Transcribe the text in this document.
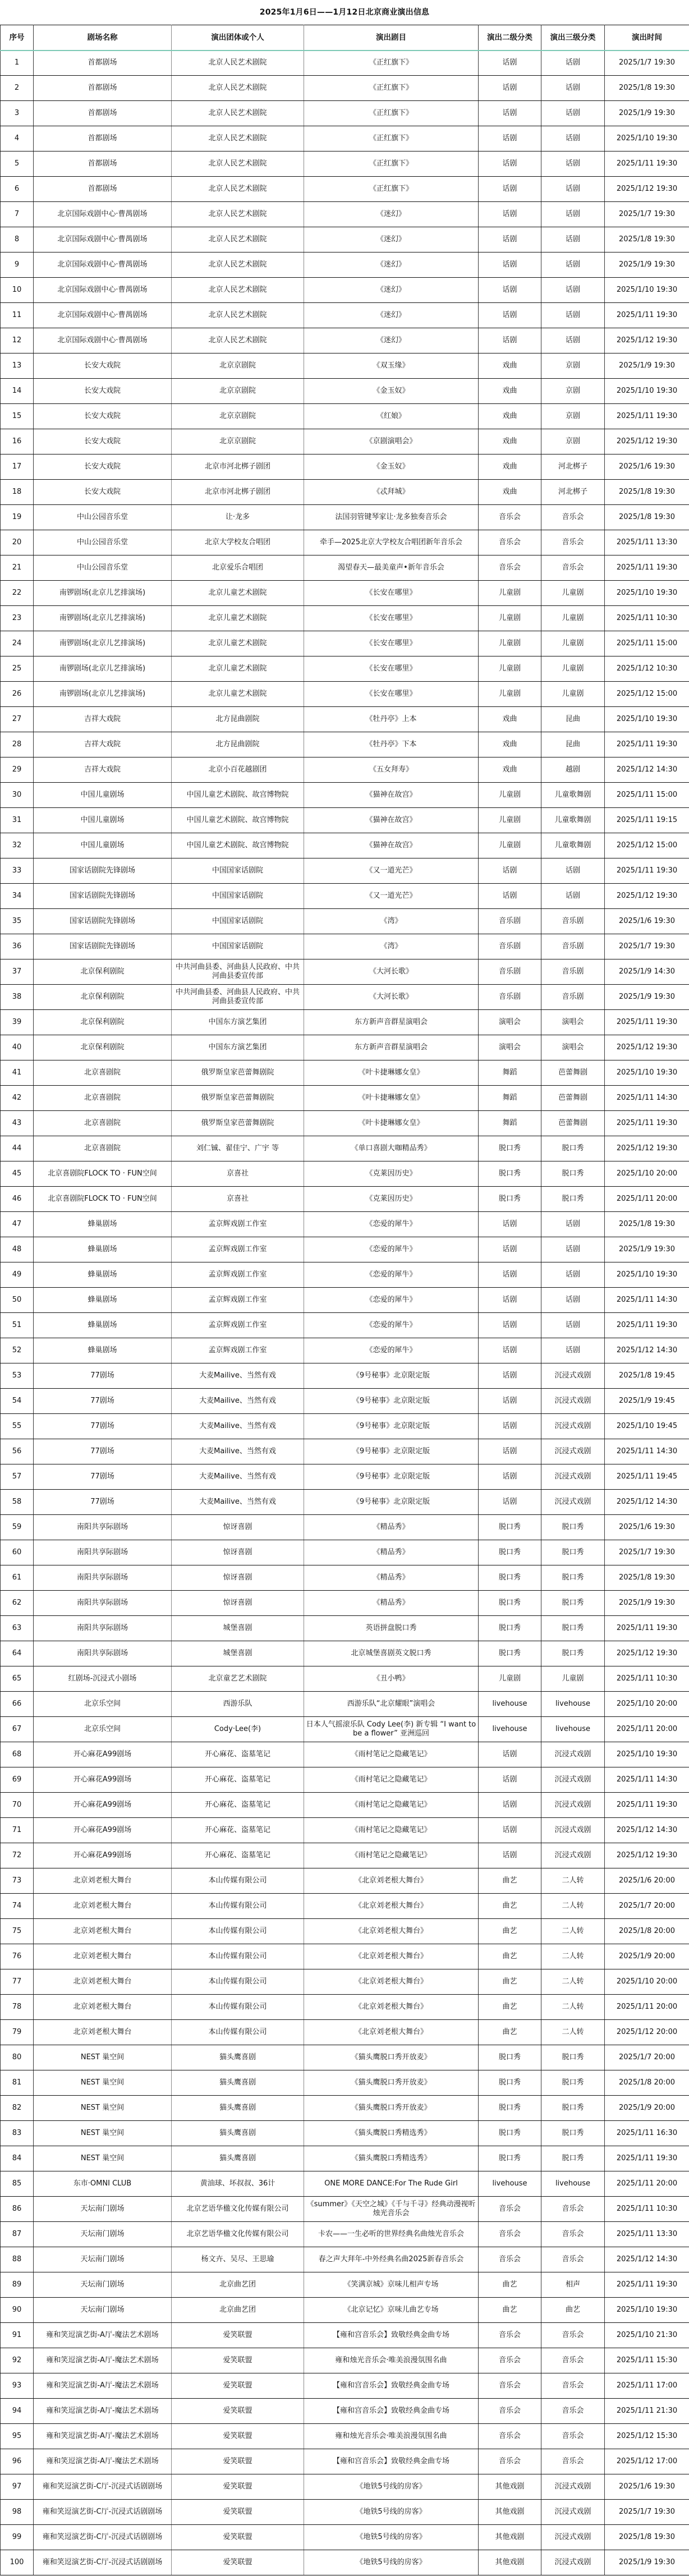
2025年1月6日——1月12日北京商业演出信息
序号	剧场名称	演出团体或个人	演出剧目	演出二级分类	演出三级分类	演出时间
1	首都剧场	北京人民艺术剧院	《正红旗下》	话剧	话剧	2025/1/7 19:30
2	首都剧场	北京人民艺术剧院	《正红旗下》	话剧	话剧	2025/1/8 19:30
3	首都剧场	北京人民艺术剧院	《正红旗下》	话剧	话剧	2025/1/9 19:30
4	首都剧场	北京人民艺术剧院	《正红旗下》	话剧	话剧	2025/1/10 19:30
5	首都剧场	北京人民艺术剧院	《正红旗下》	话剧	话剧	2025/1/11 19:30
6	首都剧场	北京人民艺术剧院	《正红旗下》	话剧	话剧	2025/1/12 19:30
7	北京国际戏剧中心·曹禺剧场	北京人民艺术剧院	《迷幻》	话剧	话剧	2025/1/7 19:30
8	北京国际戏剧中心·曹禺剧场	北京人民艺术剧院	《迷幻》	话剧	话剧	2025/1/8 19:30
9	北京国际戏剧中心·曹禺剧场	北京人民艺术剧院	《迷幻》	话剧	话剧	2025/1/9 19:30
10	北京国际戏剧中心·曹禺剧场	北京人民艺术剧院	《迷幻》	话剧	话剧	2025/1/10 19:30
11	北京国际戏剧中心·曹禺剧场	北京人民艺术剧院	《迷幻》	话剧	话剧	2025/1/11 19:30
12	北京国际戏剧中心·曹禺剧场	北京人民艺术剧院	《迷幻》	话剧	话剧	2025/1/12 19:30
13	长安大戏院	北京京剧院	《双玉缘》	戏曲	京剧	2025/1/9 19:30
14	长安大戏院	北京京剧院	《金玉奴》	戏曲	京剧	2025/1/10 19:30
15	长安大戏院	北京京剧院	《红娘》	戏曲	京剧	2025/1/11 19:30
16	长安大戏院	北京京剧院	《京剧演唱会》	戏曲	京剧	2025/1/12 19:30
17	长安大戏院	北京市河北梆子剧团	《金玉奴》	戏曲	河北梆子	2025/1/6 19:30
18	长安大戏院	北京市河北梆子剧团	《忒拜城》	戏曲	河北梆子	2025/1/8 19:30
19	中山公园音乐堂	让·龙多	法国羽管键琴家让·龙多独奏音乐会	音乐会	音乐会	2025/1/8 19:30
20	中山公园音乐堂	北京大学校友合唱团	牵手—2025北京大学校友合唱团新年音乐会	音乐会	音乐会	2025/1/11 13:30
21	中山公园音乐堂	北京爱乐合唱团	渴望春天—最美童声•新年音乐会	音乐会	音乐会	2025/1/11 19:30
22	南锣剧场(北京儿艺排演场)	北京儿童艺术剧院	《长安在哪里》	儿童剧	儿童剧	2025/1/10 19:30
23	南锣剧场(北京儿艺排演场)	北京儿童艺术剧院	《长安在哪里》	儿童剧	儿童剧	2025/1/11 10:30
24	南锣剧场(北京儿艺排演场)	北京儿童艺术剧院	《长安在哪里》	儿童剧	儿童剧	2025/1/11 15:00
25	南锣剧场(北京儿艺排演场)	北京儿童艺术剧院	《长安在哪里》	儿童剧	儿童剧	2025/1/12 10:30
26	南锣剧场(北京儿艺排演场)	北京儿童艺术剧院	《长安在哪里》	儿童剧	儿童剧	2025/1/12 15:00
27	吉祥大戏院	北方昆曲剧院	《牡丹亭》上本	戏曲	昆曲	2025/1/10 19:30
28	吉祥大戏院	北方昆曲剧院	《牡丹亭》下本	戏曲	昆曲	2025/1/11 19:30
29	吉祥大戏院	北京小百花越剧团	《五女拜寿》	戏曲	越剧	2025/1/12 14:30
30	中国儿童剧场	中国儿童艺术剧院、故宫博物院	《猫神在故宫》	儿童剧	儿童歌舞剧	2025/1/11 15:00
31	中国儿童剧场	中国儿童艺术剧院、故宫博物院	《猫神在故宫》	儿童剧	儿童歌舞剧	2025/1/11 19:15
32	中国儿童剧场	中国儿童艺术剧院、故宫博物院	《猫神在故宫》	儿童剧	儿童歌舞剧	2025/1/12 15:00
33	国家话剧院先锋剧场	中国国家话剧院	《又一道光芒》	话剧	话剧	2025/1/11 19:30
34	国家话剧院先锋剧场	中国国家话剧院	《又一道光芒》	话剧	话剧	2025/1/12 19:30
35	国家话剧院先锋剧场	中国国家话剧院	《湾》	音乐剧	音乐剧	2025/1/6 19:30
36	国家话剧院先锋剧场	中国国家话剧院	《湾》	音乐剧	音乐剧	2025/1/7 19:30
37	北京保利剧院	中共河曲县委、河曲县人民政府、中共河曲县委宣传部	《大河长歌》	音乐剧	音乐剧	2025/1/9 14:30
38	北京保利剧院	中共河曲县委、河曲县人民政府、中共河曲县委宣传部	《大河长歌》	音乐剧	音乐剧	2025/1/9 19:30
39	北京保利剧院	中国东方演艺集团	东方新声音群星演唱会	演唱会	演唱会	2025/1/11 19:30
40	北京保利剧院	中国东方演艺集团	东方新声音群星演唱会	演唱会	演唱会	2025/1/12 19:30
41	北京喜剧院	俄罗斯皇家芭蕾舞剧院	《叶卡捷琳娜女皇》	舞蹈	芭蕾舞剧	2025/1/10 19:30
42	北京喜剧院	俄罗斯皇家芭蕾舞剧院	《叶卡捷琳娜女皇》	舞蹈	芭蕾舞剧	2025/1/11 14:30
43	北京喜剧院	俄罗斯皇家芭蕾舞剧院	《叶卡捷琳娜女皇》	舞蹈	芭蕾舞剧	2025/1/11 19:30
44	北京喜剧院	刘仁铖、翟佳宁、广宇 等	《单口喜剧大咖精品秀》	脱口秀	脱口秀	2025/1/12 19:30
45	北京喜剧院FLOCK TO · FUN空间	京喜社	《克莱因历史》	脱口秀	脱口秀	2025/1/10 20:00
46	北京喜剧院FLOCK TO · FUN空间	京喜社	《克莱因历史》	脱口秀	脱口秀	2025/1/11 20:00
47	蜂巢剧场	孟京辉戏剧工作室	《恋爱的犀牛》	话剧	话剧	2025/1/8 19:30
48	蜂巢剧场	孟京辉戏剧工作室	《恋爱的犀牛》	话剧	话剧	2025/1/9 19:30
49	蜂巢剧场	孟京辉戏剧工作室	《恋爱的犀牛》	话剧	话剧	2025/1/10 19:30
50	蜂巢剧场	孟京辉戏剧工作室	《恋爱的犀牛》	话剧	话剧	2025/1/11 14:30
51	蜂巢剧场	孟京辉戏剧工作室	《恋爱的犀牛》	话剧	话剧	2025/1/11 19:30
52	蜂巢剧场	孟京辉戏剧工作室	《恋爱的犀牛》	话剧	话剧	2025/1/12 14:30
53	77剧场	大麦Mailive、当然有戏	《9号秘事》北京限定版	话剧	沉浸式戏剧	2025/1/8 19:45
54	77剧场	大麦Mailive、当然有戏	《9号秘事》北京限定版	话剧	沉浸式戏剧	2025/1/9 19:45
55	77剧场	大麦Mailive、当然有戏	《9号秘事》北京限定版	话剧	沉浸式戏剧	2025/1/10 19:45
56	77剧场	大麦Mailive、当然有戏	《9号秘事》北京限定版	话剧	沉浸式戏剧	2025/1/11 14:30
57	77剧场	大麦Mailive、当然有戏	《9号秘事》北京限定版	话剧	沉浸式戏剧	2025/1/11 19:45
58	77剧场	大麦Mailive、当然有戏	《9号秘事》北京限定版	话剧	沉浸式戏剧	2025/1/12 14:30
59	南阳共享际剧场	惊讶喜剧	《精品秀》	脱口秀	脱口秀	2025/1/6 19:30
60	南阳共享际剧场	惊讶喜剧	《精品秀》	脱口秀	脱口秀	2025/1/7 19:30
61	南阳共享际剧场	惊讶喜剧	《精品秀》	脱口秀	脱口秀	2025/1/8 19:30
62	南阳共享际剧场	惊讶喜剧	《精品秀》	脱口秀	脱口秀	2025/1/9 19:30
63	南阳共享际剧场	城堡喜剧	英语拼盘脱口秀	脱口秀	脱口秀	2025/1/11 19:30
64	南阳共享际剧场	城堡喜剧	北京城堡喜剧英文脱口秀	脱口秀	脱口秀	2025/1/12 19:30
65	红剧场-沉浸式小剧场	北京童艺艺术剧院	《丑小鸭》	儿童剧	儿童剧	2025/1/11 10:30
66	北京乐空间	西游乐队	西游乐队“北京耀眼”演唱会	livehouse	livehouse	2025/1/10 20:00
67	北京乐空间	Cody·Lee(李)	日本人气摇滚乐队 Cody Lee(李) 新专辑 “I want to be a flower” 亚洲巡回	livehouse	livehouse	2025/1/11 20:00
68	开心麻花A99剧场	开心麻花、盗墓笔记	《雨村笔记之隐藏笔记》	话剧	沉浸式戏剧	2025/1/10 19:30
69	开心麻花A99剧场	开心麻花、盗墓笔记	《雨村笔记之隐藏笔记》	话剧	沉浸式戏剧	2025/1/11 14:30
70	开心麻花A99剧场	开心麻花、盗墓笔记	《雨村笔记之隐藏笔记》	话剧	沉浸式戏剧	2025/1/11 19:30
71	开心麻花A99剧场	开心麻花、盗墓笔记	《雨村笔记之隐藏笔记》	话剧	沉浸式戏剧	2025/1/12 14:30
72	开心麻花A99剧场	开心麻花、盗墓笔记	《雨村笔记之隐藏笔记》	话剧	沉浸式戏剧	2025/1/12 19:30
73	北京刘老根大舞台	本山传媒有限公司	《北京刘老根大舞台》	曲艺	二人转	2025/1/6 20:00
74	北京刘老根大舞台	本山传媒有限公司	《北京刘老根大舞台》	曲艺	二人转	2025/1/7 20:00
75	北京刘老根大舞台	本山传媒有限公司	《北京刘老根大舞台》	曲艺	二人转	2025/1/8 20:00
76	北京刘老根大舞台	本山传媒有限公司	《北京刘老根大舞台》	曲艺	二人转	2025/1/9 20:00
77	北京刘老根大舞台	本山传媒有限公司	《北京刘老根大舞台》	曲艺	二人转	2025/1/10 20:00
78	北京刘老根大舞台	本山传媒有限公司	《北京刘老根大舞台》	曲艺	二人转	2025/1/11 20:00
79	北京刘老根大舞台	本山传媒有限公司	《北京刘老根大舞台》	曲艺	二人转	2025/1/12 20:00
80	NEST 巢空间	猫头鹰喜剧	《猫头鹰脱口秀开放麦》	脱口秀	脱口秀	2025/1/7 20:00
81	NEST 巢空间	猫头鹰喜剧	《猫头鹰脱口秀开放麦》	脱口秀	脱口秀	2025/1/8 20:00
82	NEST 巢空间	猫头鹰喜剧	《猫头鹰脱口秀开放麦》	脱口秀	脱口秀	2025/1/9 20:00
83	NEST 巢空间	猫头鹰喜剧	《猫头鹰脱口秀精选秀》	脱口秀	脱口秀	2025/1/11 16:30
84	NEST 巢空间	猫头鹰喜剧	《猫头鹰脱口秀精选秀》	脱口秀	脱口秀	2025/1/11 19:30
85	东市·OMNI CLUB	黄油球、坏叔叔、36计	ONE MORE DANCE:For The Rude Girl	livehouse	livehouse	2025/1/11 20:00
86	天坛南门剧场	北京艺语华楹文化传媒有限公司	《summer》《天空之城》《千与千寻》经典动漫视听烛光音乐会	音乐会	音乐会	2025/1/11 10:30
87	天坛南门剧场	北京艺语华楹文化传媒有限公司	卡农——一生必听的世界经典名曲烛光音乐会	音乐会	音乐会	2025/1/11 13:30
88	天坛南门剧场	杨文卉、吴尽、王思瑜	春之声大拜年-中外经典名曲2025新春音乐会	音乐会	音乐会	2025/1/12 14:30
89	天坛南门剧场	北京曲艺团	《笑满京城》京味儿相声专场	曲艺	相声	2025/1/11 19:30
90	天坛南门剧场	北京曲艺团	《北京记忆》京味儿曲艺专场	曲艺	曲艺	2025/1/10 19:30
91	雍和笑逗演艺街-A厅-魔法艺术剧场	爱笑联盟	【雍和宫音乐会】致敬经典金曲专场	音乐会	音乐会	2025/1/10 21:30
92	雍和笑逗演艺街-A厅-魔法艺术剧场	爱笑联盟	雍和烛光音乐会·唯美浪漫氛围名曲	音乐会	音乐会	2025/1/11 15:30
93	雍和笑逗演艺街-A厅-魔法艺术剧场	爱笑联盟	【雍和宫音乐会】致敬经典金曲专场	音乐会	音乐会	2025/1/11 17:00
94	雍和笑逗演艺街-A厅-魔法艺术剧场	爱笑联盟	【雍和宫音乐会】致敬经典金曲专场	音乐会	音乐会	2025/1/11 21:30
95	雍和笑逗演艺街-A厅-魔法艺术剧场	爱笑联盟	雍和烛光音乐会·唯美浪漫氛围名曲	音乐会	音乐会	2025/1/12 15:30
96	雍和笑逗演艺街-A厅-魔法艺术剧场	爱笑联盟	【雍和宫音乐会】致敬经典金曲专场	音乐会	音乐会	2025/1/12 17:00
97	雍和笑逗演艺街-C厅-沉浸式话剧剧场	爱笑联盟	《地铁5号线的房客》	其他戏剧	沉浸式戏剧	2025/1/6 19:30
98	雍和笑逗演艺街-C厅-沉浸式话剧剧场	爱笑联盟	《地铁5号线的房客》	其他戏剧	沉浸式戏剧	2025/1/7 19:30
99	雍和笑逗演艺街-C厅-沉浸式话剧剧场	爱笑联盟	《地铁5号线的房客》	其他戏剧	沉浸式戏剧	2025/1/8 19:30
100	雍和笑逗演艺街-C厅-沉浸式话剧剧场	爱笑联盟	《地铁5号线的房客》	其他戏剧	沉浸式戏剧	2025/1/9 19:30
